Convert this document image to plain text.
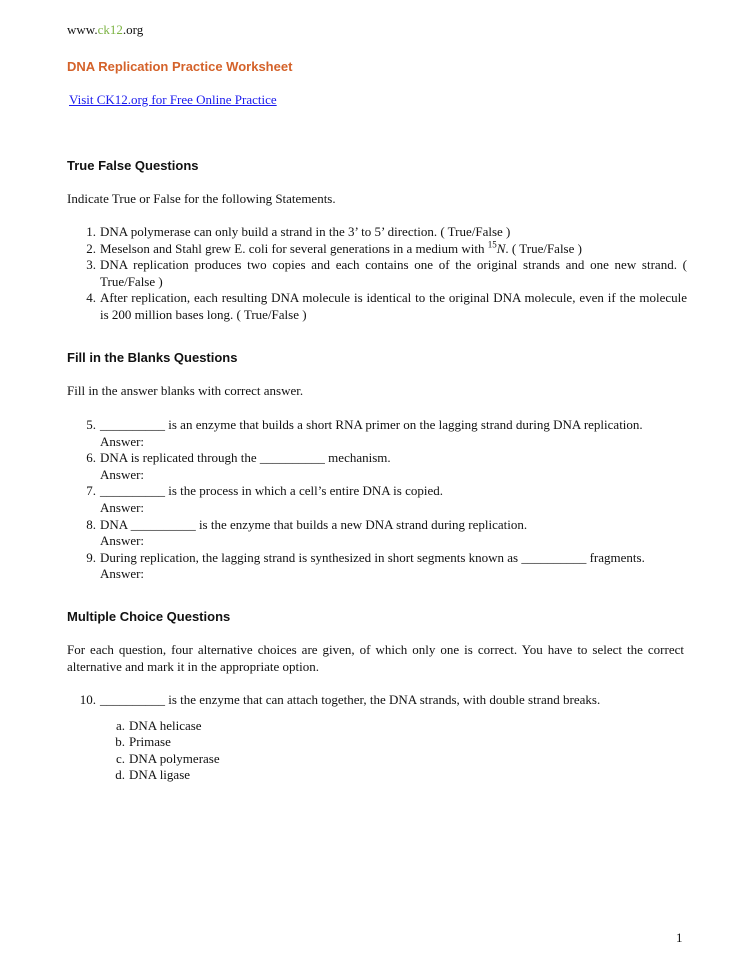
www.ck12.org
DNA Replication Practice Worksheet
Visit CK12.org for Free Online Practice
True False Questions
Indicate True or False for the following Statements.
1. DNA polymerase can only build a strand in the 3’ to 5’ direction. ( True/False )
2. Meselson and Stahl grew E. coli for several generations in a medium with $^{15}$N. ( True/False )
3. DNA replication produces two copies and each contains one of the original strands and one new strand. ( True/False )
4. After replication, each resulting DNA molecule is identical to the original DNA molecule, even if the molecule is 200 million bases long. ( True/False )
Fill in the Blanks Questions
Fill in the answer blanks with correct answer.
5. __________ is an enzyme that builds a short RNA primer on the lagging strand during DNA replication.
Answer:
6. DNA is replicated through the __________ mechanism.
Answer:
7. __________ is the process in which a cell’s entire DNA is copied.
Answer:
8. DNA __________ is the enzyme that builds a new DNA strand during replication.
Answer:
9. During replication, the lagging strand is synthesized in short segments known as __________ fragments.
Answer:
Multiple Choice Questions
For each question, four alternative choices are given, of which only one is correct. You have to select the correct alternative and mark it in the appropriate option.
10. __________ is the enzyme that can attach together, the DNA strands, with double strand breaks.
a. DNA helicase
b. Primase
c. DNA polymerase
d. DNA ligase
1
